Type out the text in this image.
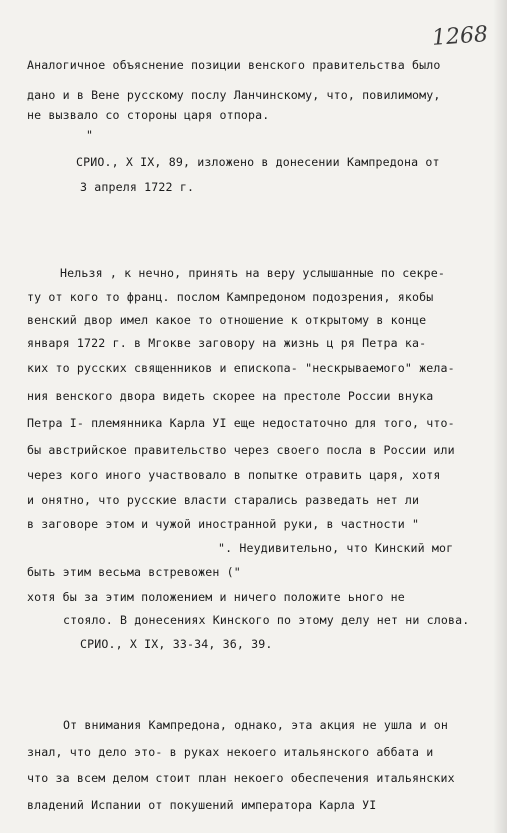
1268
Аналогичное объяснение позиции венского правительства было
дано и в Вене русскому послу Ланчинскому, что, повилимому,
не вызвало со стороны царя отпора.
"
СРИО., Х IX, 89, изложено в донесении Кампредона от
3 апреля 1722 г.
Нельзя , к нечно, принять на веру услышанные по секре-
ту от кого то франц. послом Кампредоном подозрения, якобы
венский двор имел какое то отношение к открытому в конце
января 1722 г. в Мгокве заговору на жизнь ц ря Петра ка-
ких то русских священников и епископа- "нескрываемого" жела-
ния венского двора видеть скорее на престоле России внука
Петра I- племянника Карла УI еще недостаточно для того, что-
бы австрийское правительство через своего посла в России или
через кого иного участвовало в попытке отравить царя, хотя
и онятно, что русские власти старались разведать нет ли
в заговоре этом и чужой иностранной руки, в частности "
". Неудивительно, что Кинский мог
быть этим весьма встревожен ("
хотя бы за этим положением и ничего положите ьного не
стояло. В донесениях Кинского по этому делу нет ни слова.
СРИО., Х IX, 33-34, 36, 39.
От внимания Кампредона, однако, эта акция не ушла и он
знал, что дело это- в руках некоего итальянского аббата и
что за всем делом стоит план некоего обеспечения итальянских
владений Испании от покушений императора Карла УI
